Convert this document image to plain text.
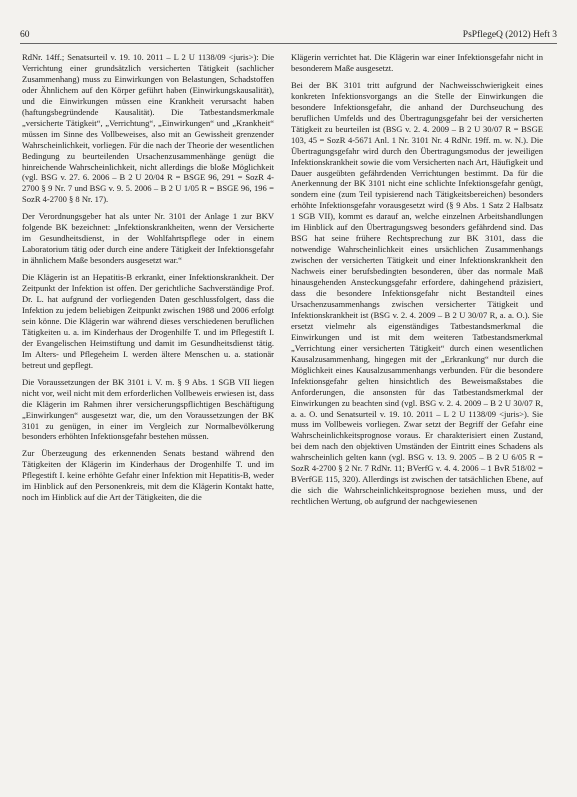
60	PsPflegeQ (2012) Heft 3

RdNr. 14ff.; Senatsurteil v. 19. 10. 2011 – L 2 U 1138/09 <juris>): Die Verrichtung einer grundsätzlich versicherten Tätigkeit (sachlicher Zusammenhang) muss zu Einwirkungen von Belastungen, Schadstoffen oder Ähnlichem auf den Körper geführt haben (Einwirkungskausalität), und die Einwirkungen müssen eine Krankheit verursacht haben (haftungsbegründende Kausalität). Die Tatbestandsmerkmale „versicherte Tätigkeit“, „Verrichtung“, „Einwirkungen“ und „Krankheit“ müssen im Sinne des Vollbeweises, also mit an Gewissheit grenzender Wahrscheinlichkeit, vorliegen. Für die nach der Theorie der wesentlichen Bedingung zu beurteilenden Ursachenzusammenhänge genügt die hinreichende Wahrscheinlichkeit, nicht allerdings die bloße Möglichkeit (vgl. BSG v. 27. 6. 2006 – B 2 U 20/04 R = BSGE 96, 291 = SozR 4-2700 § 9 Nr. 7 und BSG v. 9. 5. 2006 – B 2 U 1/05 R = BSGE 96, 196 = SozR 4-2700 § 8 Nr. 17).

Der Verordnungsgeber hat als unter Nr. 3101 der Anlage 1 zur BKV folgende BK bezeichnet: „Infektionskrankheiten, wenn der Versicherte im Gesundheitsdienst, in der Wohlfahrtspflege oder in einem Laboratorium tätig oder durch eine andere Tätigkeit der Infektionsgefahr in ähnlichem Maße besonders ausgesetzt war.“

Die Klägerin ist an Hepatitis-B erkrankt, einer Infektionskrankheit. Der Zeitpunkt der Infektion ist offen. Der gerichtliche Sachverständige Prof. Dr. L. hat aufgrund der vorliegenden Daten geschlussfolgert, dass die Infektion zu jedem beliebigen Zeitpunkt zwischen 1988 und 2006 erfolgt sein könne. Die Klägerin war während dieses verschiedenen beruflichen Tätigkeiten u. a. im Kinderhaus der Drogenhilfe T. und im Pflegestift I. der Evangelischen Heimstiftung und damit im Gesundheitsdienst tätig. Im Alters- und Pflegeheim I. werden ältere Menschen u. a. stationär betreut und gepflegt.

Die Voraussetzungen der BK 3101 i. V. m. § 9 Abs. 1 SGB VII liegen nicht vor, weil nicht mit dem erforderlichen Vollbeweis erwiesen ist, dass die Klägerin im Rahmen ihrer versicherungspflichtigen Beschäftigung „Einwirkungen“ ausgesetzt war, die, um den Voraussetzungen der BK 3101 zu genügen, in einer im Vergleich zur Normalbevölkerung besonders erhöhten Infektionsgefahr bestehen müssen.

Zur Überzeugung des erkennenden Senats bestand während den Tätigkeiten der Klägerin im Kinderhaus der Drogenhilfe T. und im Pflegestift I. keine erhöhte Gefahr einer Infektion mit Hepatitis-B, weder im Hinblick auf den Personenkreis, mit dem die Klägerin Kontakt hatte, noch im Hinblick auf die Art der Tätigkeiten, die die

Klägerin verrichtet hat. Die Klägerin war einer Infektionsgefahr nicht in besonderem Maße ausgesetzt.

Bei der BK 3101 tritt aufgrund der Nachweisschwierigkeit eines konkreten Infektionsvorgangs an die Stelle der Einwirkungen die besondere Infektionsgefahr, die anhand der Durchseuchung des beruflichen Umfelds und des Übertragungsgefahr bei der versicherten Tätigkeit zu beurteilen ist (BSG v. 2. 4. 2009 – B 2 U 30/07 R = BSGE 103, 45 = SozR 4-5671 Anl. 1 Nr. 3101 Nr. 4 RdNr. 19ff. m. w. N.). Die Übertragungsgefahr wird durch den Übertragungsmodus der jeweiligen Infektionskrankheit sowie die vom Versicherten nach Art, Häufigkeit und Dauer ausgeübten gefährdenden Verrichtungen bestimmt. Da für die Anerkennung der BK 3101 nicht eine schlichte Infektionsgefahr genügt, sondern eine (zum Teil typisierend nach Tätigkeitsbereichen) besonders erhöhte Infektionsgefahr vorausgesetzt wird (§ 9 Abs. 1 Satz 2 Halbsatz 1 SGB VII), kommt es darauf an, welche einzelnen Arbeitshandlungen im Hinblick auf den Übertragungsweg besonders gefährdend sind. Das BSG hat seine frühere Rechtsprechung zur BK 3101, dass die notwendige Wahrscheinlichkeit eines ursächlichen Zusammenhangs zwischen der versicherten Tätigkeit und einer Infektionskrankheit den Nachweis einer berufsbedingten besonderen, über das normale Maß hinausgehenden Ansteckungsgefahr erfordere, dahingehend präzisiert, dass die besondere Infektionsgefahr nicht Bestandteil eines Ursachenzusammenhangs zwischen versicherter Tätigkeit und Infektionskrankheit ist (BSG v. 2. 4. 2009 – B 2 U 30/07 R, a. a. O.). Sie ersetzt vielmehr als eigenständiges Tatbestandsmerkmal die Einwirkungen und ist mit dem weiteren Tatbestandsmerkmal „Verrichtung einer versicherten Tätigkeit“ durch einen wesentlichen Kausalzusammenhang, hingegen mit der „Erkrankung“ nur durch die Möglichkeit eines Kausalzusammenhangs verbunden. Für die besondere Infektionsgefahr gelten hinsichtlich des Beweismaßstabes die Anforderungen, die ansonsten für das Tatbestandsmerkmal der Einwirkungen zu beachten sind (vgl. BSG v. 2. 4. 2009 – B 2 U 30/07 R, a. a. O. und Senatsurteil v. 19. 10. 2011 – L 2 U 1138/09 <juris>). Sie muss im Vollbeweis vorliegen. Zwar setzt der Begriff der Gefahr eine Wahrscheinlichkeitsprognose voraus. Er charakterisiert einen Zustand, bei dem nach den objektiven Umständen der Eintritt eines Schadens als wahrscheinlich gelten kann (vgl. BSG v. 13. 9. 2005 – B 2 U 6/05 R = SozR 4-2700 § 2 Nr. 7 RdNr. 11; BVerfG v. 4. 4. 2006 – 1 BvR 518/02 = BVerfGE 115, 320). Allerdings ist zwischen der tatsächlichen Ebene, auf die sich die Wahrscheinlichkeitsprognose beziehen muss, und der rechtlichen Wertung, ob aufgrund der nachgewiesenen
